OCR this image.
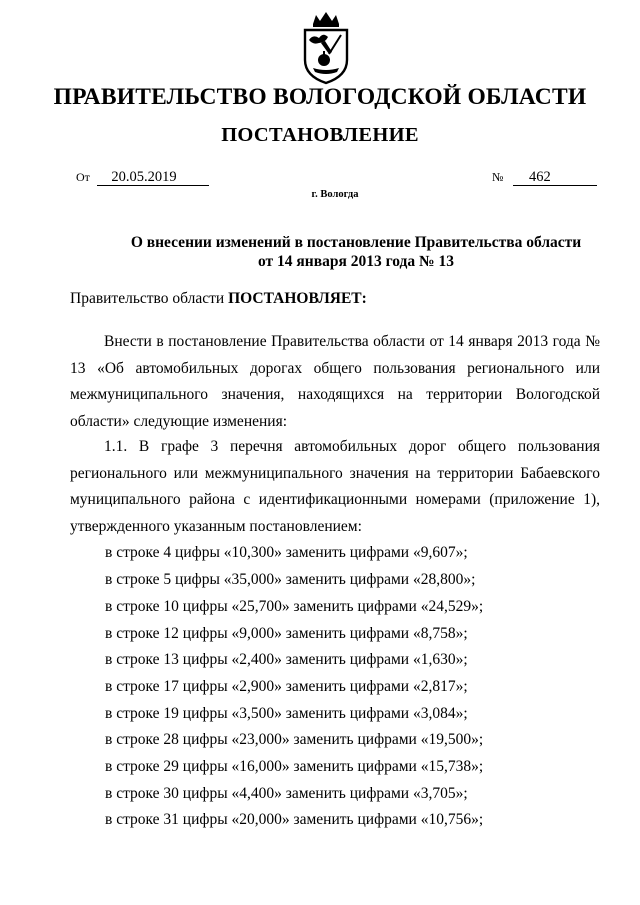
ПРАВИТЕЛЬСТВО ВОЛОГОДСКОЙ ОБЛАСТИ
ПОСТАНОВЛЕНИЕ
От 20.05.2019	№ 462
г. Вологда
О внесении изменений в постановление Правительства области
от 14 января 2013 года № 13
Правительство области ПОСТАНОВЛЯЕТ:
Внести в постановление Правительства области от 14 января 2013 года № 13 «Об автомобильных дорогах общего пользования регионального или межмуниципального значения, находящихся на территории Вологодской области» следующие изменения:
1.1. В графе 3 перечня автомобильных дорог общего пользования регионального или межмуниципального значения на территории Бабаевского муниципального района с идентификационными номерами (приложение 1), утвержденного указанным постановлением:
в строке 4 цифры «10,300» заменить цифрами «9,607»;
в строке 5 цифры «35,000» заменить цифрами «28,800»;
в строке 10 цифры «25,700» заменить цифрами «24,529»;
в строке 12 цифры «9,000» заменить цифрами «8,758»;
в строке 13 цифры «2,400» заменить цифрами «1,630»;
в строке 17 цифры «2,900» заменить цифрами «2,817»;
в строке 19 цифры «3,500» заменить цифрами «3,084»;
в строке 28 цифры «23,000» заменить цифрами «19,500»;
в строке 29 цифры «16,000» заменить цифрами «15,738»;
в строке 30 цифры «4,400» заменить цифрами «3,705»;
в строке 31 цифры «20,000» заменить цифрами «10,756»;
